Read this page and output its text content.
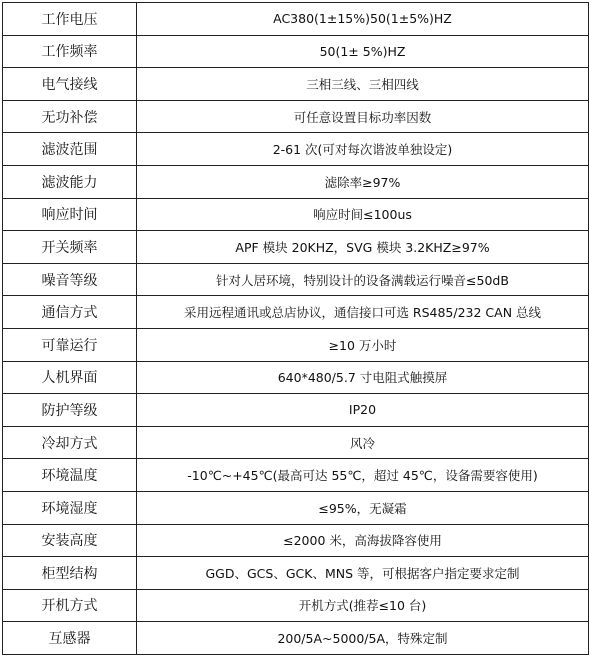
工作电压	AC380(1±15%)50(1±5%)HZ
工作频率	50(1± 5%)HZ
电气接线	三相三线、三相四线
无功补偿	可任意设置目标功率因数
滤波范围	2-61 次(可对每次谐波单独设定)
滤波能力	滤除率≥97%
响应时间	响应时间≤100us
开关频率	APF 模块 20KHZ，SVG 模块 3.2KHZ≥97%
噪音等级	针对人居环境，特别设计的设备满载运行噪音≤50dB
通信方式	采用远程通讯或总店协议，通信接口可选 RS485/232 CAN 总线
可靠运行	≥10 万小时
人机界面	640*480/5.7 寸电阻式触摸屏
防护等级	IP20
冷却方式	风冷
环境温度	-10℃~+45℃(最高可达 55℃，超过 45℃，设备需要容使用)
环境湿度	≤95%，无凝霜
安装高度	≤2000 米，高海拔降容使用
柜型结构	GGD、GCS、GCK、MNS 等，可根据客户指定要求定制
开机方式	开机方式(推荐≤10 台)
互感器	200/5A~5000/5A，特殊定制
